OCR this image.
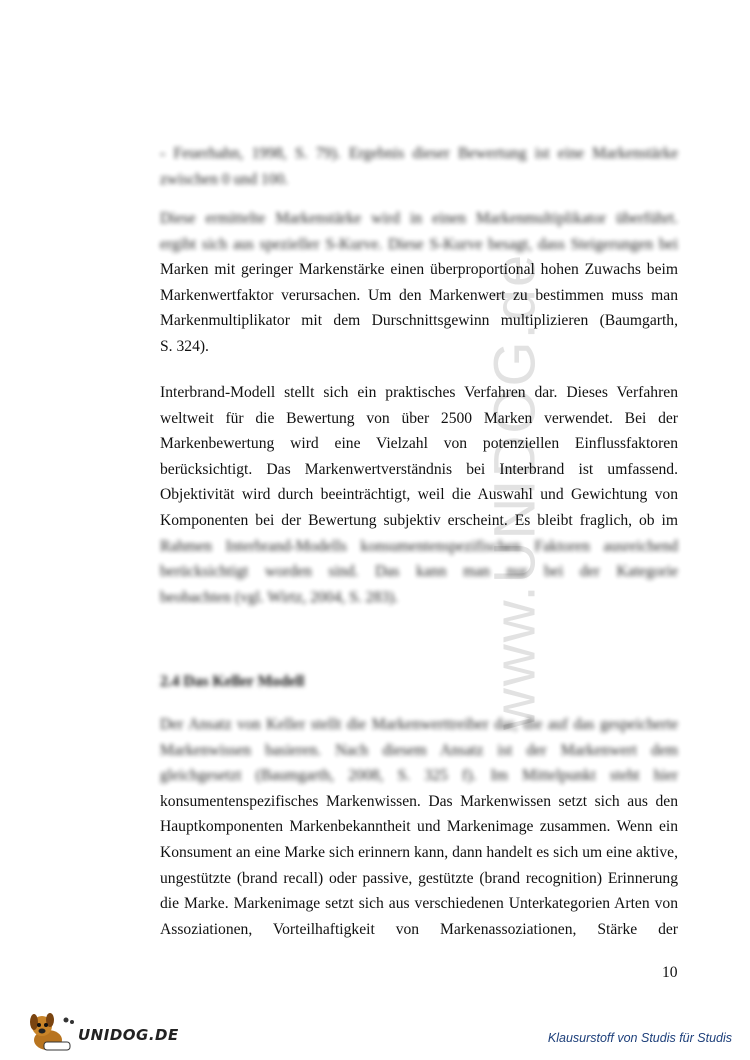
www.UNIDOG.de
- Feuerhahn, 1998, S. 79). Ergebnis dieser Bewertung ist eine Markenstärke
zwischen 0 und 100.
Diese ermittelte Markenstärke wird in einen Markenmultiplikator überführt.
ergibt sich aus spezieller S-Kurve. Diese S-Kurve besagt, dass Steigerungen bei
Marken mit geringer Markenstärke einen überproportional hohen Zuwachs beim
Markenwertfaktor verursachen. Um den Markenwert zu bestimmen muss man
Markenmultiplikator mit dem Durschnittsgewinn multiplizieren (Baumgarth,
S. 324).
Interbrand-Modell stellt sich ein praktisches Verfahren dar. Dieses Verfahren
weltweit für die Bewertung von über 2500 Marken verwendet. Bei der
Markenbewertung wird eine Vielzahl von potenziellen Einflussfaktoren
berücksichtigt. Das Markenwertverständnis bei Interbrand ist umfassend.
Objektivität wird durch beeinträchtigt, weil die Auswahl und Gewichtung von
Komponenten bei der Bewertung subjektiv erscheint. Es bleibt fraglich, ob im
Rahmen Interbrand-Modells konsumentenspezifischen Faktoren ausreichend
berücksichtigt worden sind. Das kann man nur bei der Kategorie
beobachten (vgl. Wirtz, 2004, S. 283).
2.4 Das Keller Modell
Der Ansatz von Keller stellt die Markenwerttreiber dar, die auf das gespeicherte
Markenwissen basieren. Nach diesem Ansatz ist der Markenwert dem
gleichgesetzt (Baumgarth, 2008, S. 325 f). Im Mittelpunkt steht hier
konsumentenspezifisches Markenwissen. Das Markenwissen setzt sich aus den
Hauptkomponenten Markenbekanntheit und Markenimage zusammen. Wenn ein
Konsument an eine Marke sich erinnern kann, dann handelt es sich um eine aktive,
ungestützte (brand recall) oder passive, gestützte (brand recognition) Erinnerung
die Marke. Markenimage setzt sich aus verschiedenen Unterkategorien Arten von
Assoziationen, Vorteilhaftigkeit von Markenassoziationen, Stärke der
10
UNIDOG.DE	Klausurstoff von Studis für Studis
